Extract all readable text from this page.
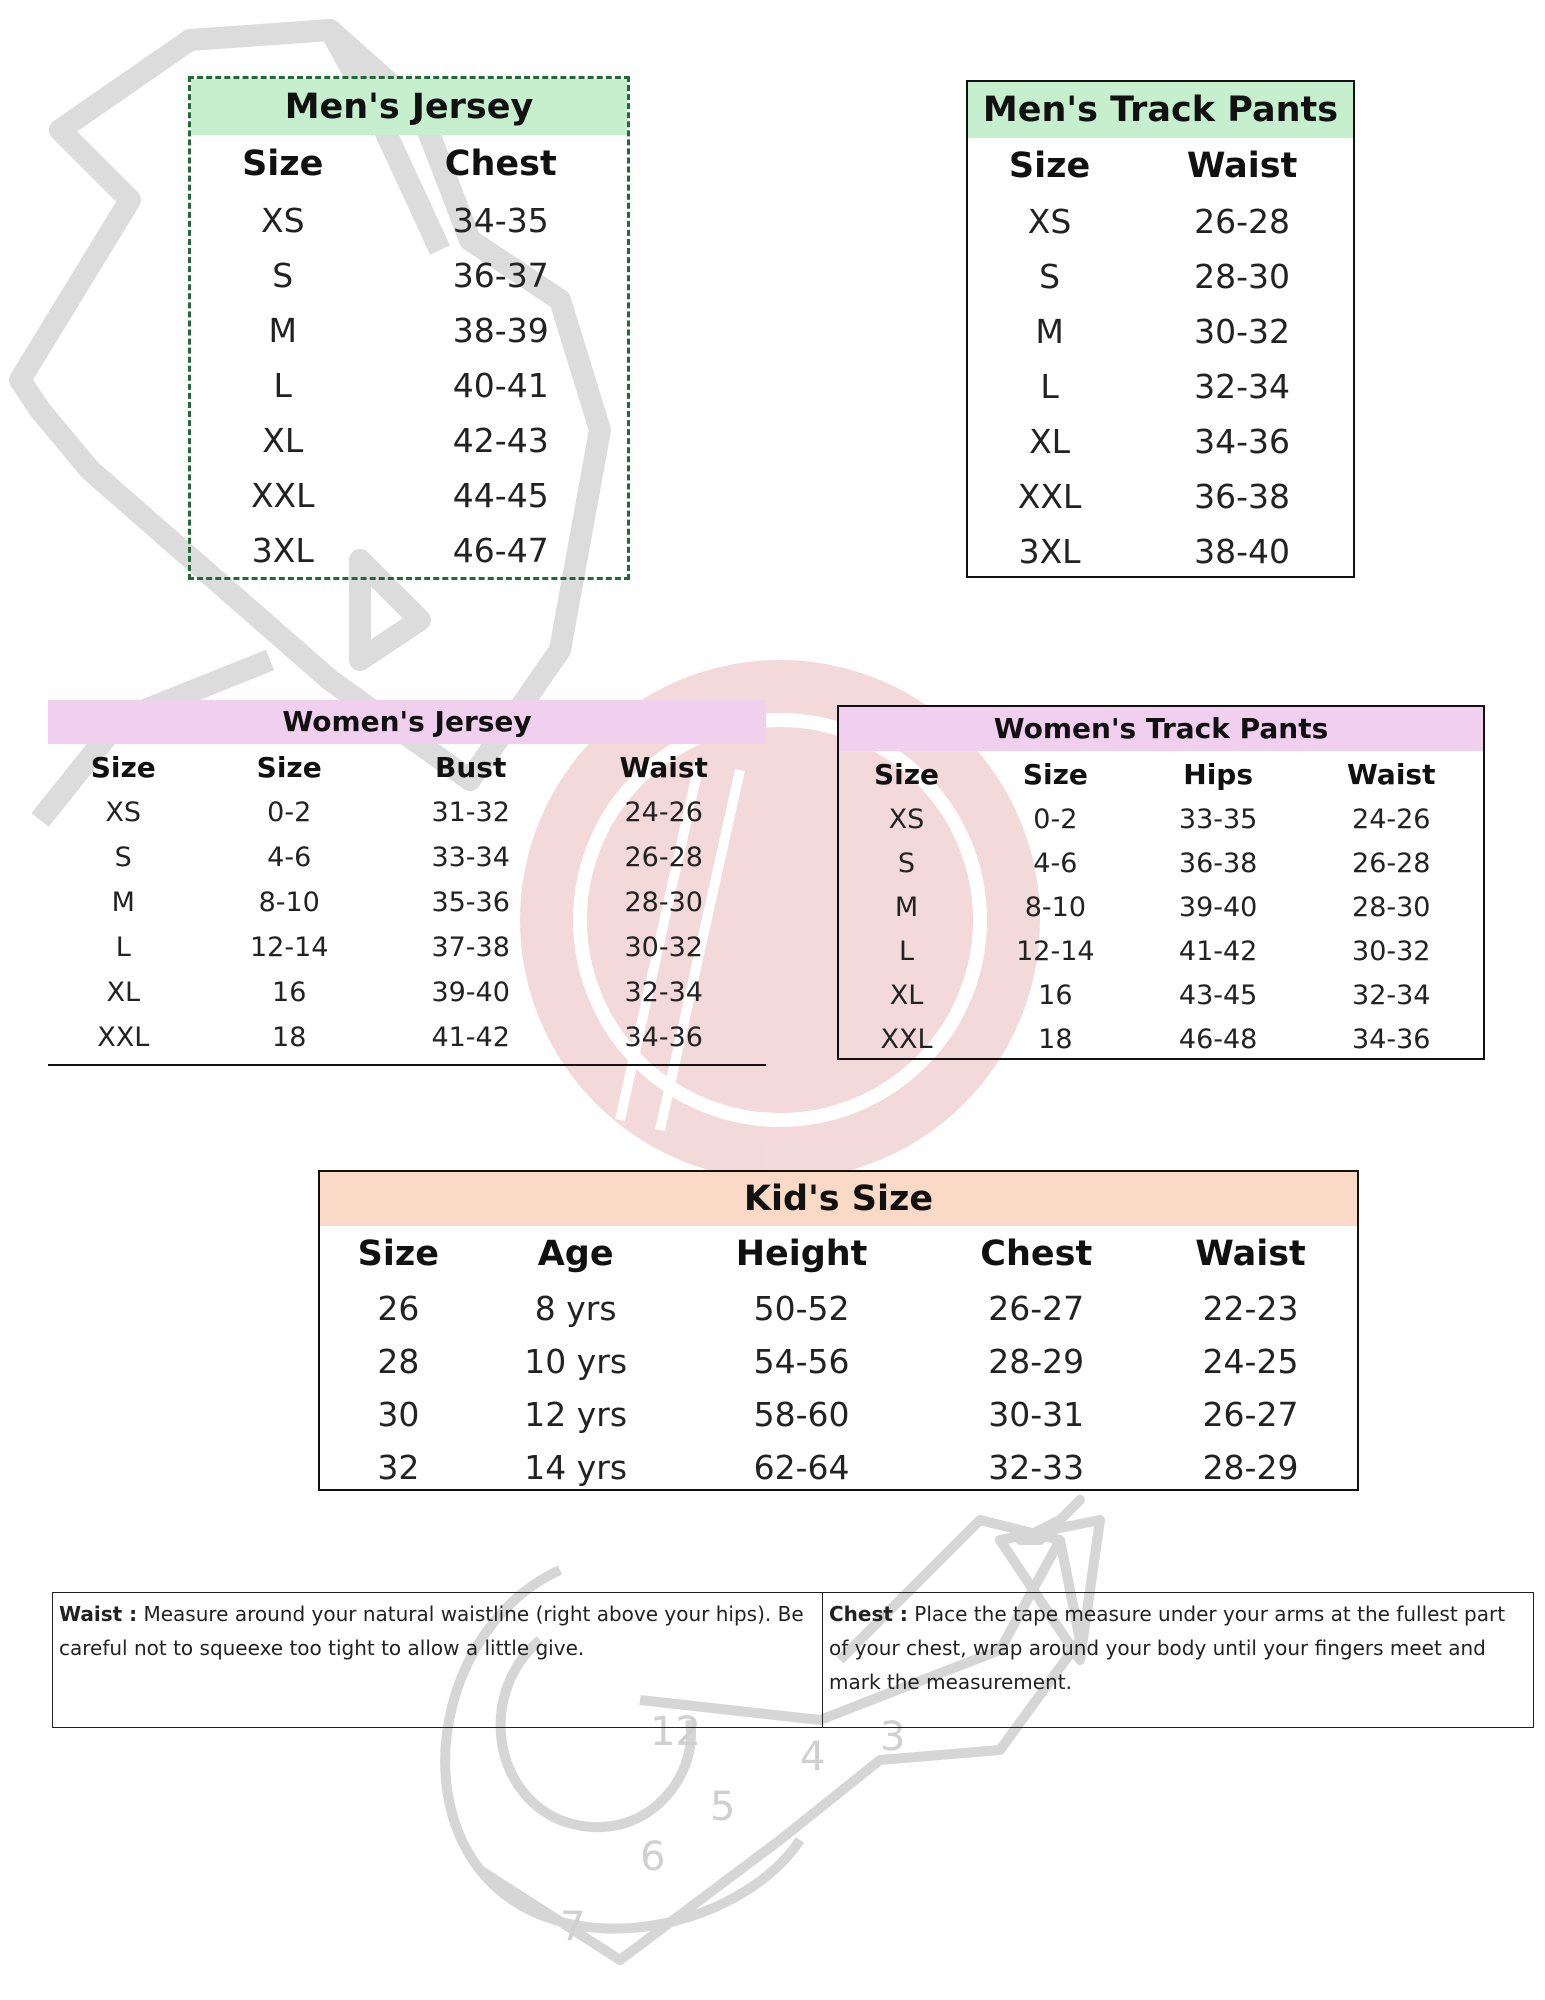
12
5
4 3
6
7
Men's Jersey
Size	Chest
XS	34-35
S	36-37
M	38-39
L	40-41
XL	42-43
XXL	44-45
3XL	46-47
Men's Track Pants
Size	Waist
XS	26-28
S	28-30
M	30-32
L	32-34
XL	34-36
XXL	36-38
3XL	38-40
Women's Jersey
Size	Size	Bust	Waist
XS	0-2	31-32	24-26
S	4-6	33-34	26-28
M	8-10	35-36	28-30
L	12-14	37-38	30-32
XL	16	39-40	32-34
XXL	18	41-42	34-36
Women's Track Pants
Size	Size	Hips	Waist
XS	0-2	33-35	24-26
S	4-6	36-38	26-28
M	8-10	39-40	28-30
L	12-14	41-42	30-32
XL	16	43-45	32-34
XXL	18	46-48	34-36
Kid's Size
Size	Age	Height	Chest	Waist
26	8 yrs	50-52	26-27	22-23
28	10 yrs	54-56	28-29	24-25
30	12 yrs	58-60	30-31	26-27
32	14 yrs	62-64	32-33	28-29
Waist : Measure around your natural waistline (right above your hips). Be careful not to squeexe too tight to allow a little give.
Chest : Place the tape measure under your arms at the fullest part of your chest, wrap around your body until your fingers meet and mark the measurement.
